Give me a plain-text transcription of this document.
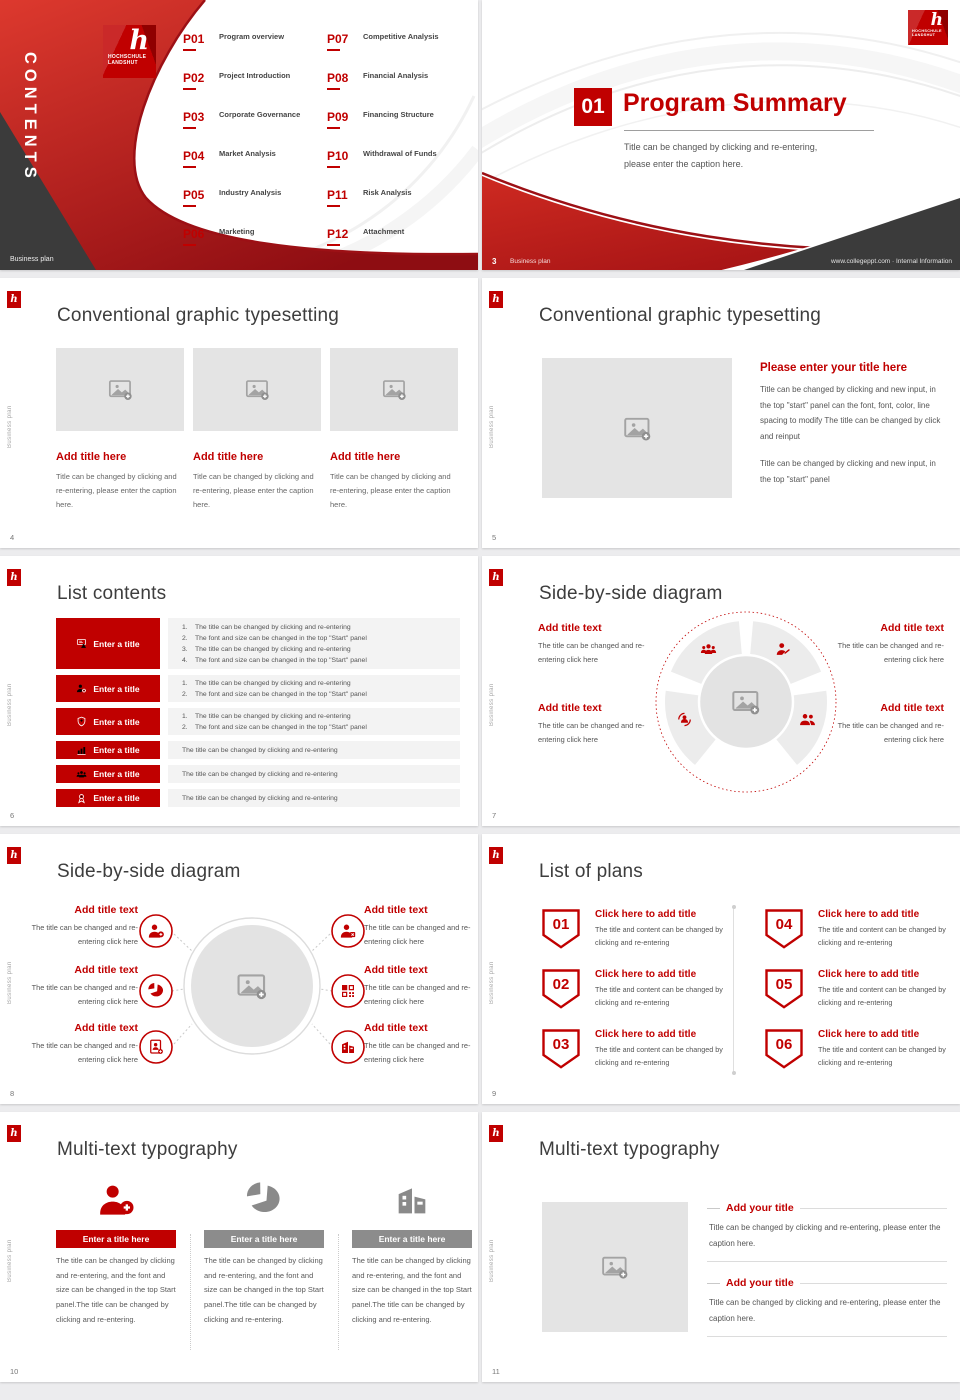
h
HOCHSCHULE
LANDSHUT
CONTENTS
Business plan
P01 Program overview
P02 Project Introduction
P03 Corporate Governance
P04 Market Analysis
P05 Industry Analysis
P06 Marketing
P07 Competitive Analysis
P08 Financial Analysis
P09 Financing Structure
P10 Withdrawal of Funds
P11 Risk Analysis
P12 Attachment
h
HOCHSCHULE
LANDSHUT
01 Program Summary
Title can be changed by clicking and re-entering,
please enter the caption here.
3 Business plan	www.collegeppt.com · Internal Information
h
Business plan
Conventional graphic typesetting
4
Add title here
Title can be changed by clicking and re-entering, please enter the caption here.
Add title here
Title can be changed by clicking and re-entering, please enter the caption here.
Add title here
Title can be changed by clicking and re-entering, please enter the caption here.
h
Business plan
Conventional graphic typesetting
5
Please enter your title here
Title can be changed by clicking and new input, in the top "start" panel can the font, font, color, line spacing to modify The title can be changed by click and reinput
Title can be changed by clicking and new input, in the top "start" panel
h
Business plan
List contents
6
Enter a title
1.	The title can be changed by clicking and re-entering
2.	The font and size can be changed in the top "Start" panel
3.	The title can be changed by clicking and re-entering
4.	The font and size can be changed in the top "Start" panel
Enter a title
1.	The title can be changed by clicking and re-entering
2.	The font and size can be changed in the top "Start" panel
Enter a title
1.	The title can be changed by clicking and re-entering
2.	The font and size can be changed in the top "Start" panel
Enter a title	The title can be changed by clicking and re-entering
Enter a title	The title can be changed by clicking and re-entering
Enter a title	The title can be changed by clicking and re-entering
h
Business plan
Side-by-side diagram
7
Add title text
The title can be changed and re-entering click here
Add title text
The title can be changed and re-entering click here
Add title text
The title can be changed and re-entering click here
Add title text
The title can be changed and re-entering click here
h
Business plan
Side-by-side diagram
8
Add title text
The title can be changed and re-entering click here
Add title text
The title can be changed and re-entering click here
Add title text
The title can be changed and re-entering click here
Add title text
The title can be changed and re-entering click here
Add title text
The title can be changed and re-entering click here
Add title text
The title can be changed and re-entering click here
h
Business plan
List of plans
9
01
Click here to add title
The title and content can be changed by clicking and re-entering
02
Click here to add title
The title and content can be changed by clicking and re-entering
03
Click here to add title
The title and content can be changed by clicking and re-entering
04
Click here to add title
The title and content can be changed by clicking and re-entering
05
Click here to add title
The title and content can be changed by clicking and re-entering
06
Click here to add title
The title and content can be changed by clicking and re-entering
h
Business plan
Multi-text typography
10
Enter a title here	Enter a title here	Enter a title here
The title can be changed by clicking and re-entering, and the font and size can be changed in the top Start panel.The title can be changed by clicking and re-entering.
The title can be changed by clicking and re-entering, and the font and size can be changed in the top Start panel.The title can be changed by clicking and re-entering.
The title can be changed by clicking and re-entering, and the font and size can be changed in the top Start panel.The title can be changed by clicking and re-entering.
h
Business plan
Multi-text typography
11
Add your title
Title can be changed by clicking and re-entering, please enter the caption here.
Add your title
Title can be changed by clicking and re-entering, please enter the caption here.
